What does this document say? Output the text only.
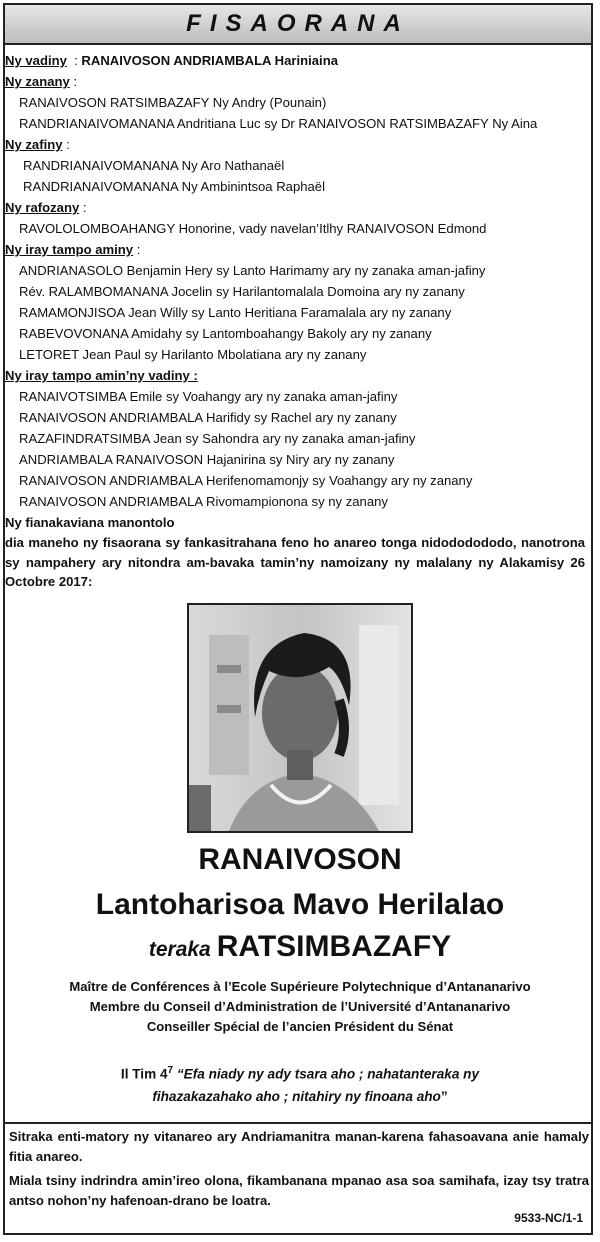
FISAORANA
Ny vadiny  : RANAIVOSON ANDRIAMBALA Hariniaina
Ny zanany :
RANAIVOSON RATSIMBAZAFY Ny Andry (Pounain)
RANDRIANAIVOMANANA Andritiana Luc sy Dr RANAIVOSON RATSIMBAZAFY Ny Aina
Ny zafiny :
RANDRIANAIVOMANANA Ny Aro Nathanaël
RANDRIANAIVOMANANA Ny Ambinintsoa Raphaël
Ny rafozany :
RAVOLOLOMBOAHANGY Honorine, vady navelan’Itlhy RANAIVOSON Edmond
Ny iray tampo aminy :
ANDRIANASOLO Benjamin Hery sy Lanto Harimamy ary ny zanaka aman-jafiny
Rév. RALAMBOMANANA Jocelin sy Harilantomalala Domoina ary ny zanany
RAMAMONJISOA Jean Willy sy Lanto Heritiana Faramalala ary ny zanany
RABEVOVONANA Amidahy sy Lantomboahangy Bakoly ary ny zanany
LETORET Jean Paul sy Harilanto Mbolatiana ary ny zanany
Ny iray tampo amin’ny vadiny :
RANAIVOTSIMBA Emile sy Voahangy ary ny zanaka aman-jafiny
RANAIVOSON ANDRIAMBALA Harifidy sy Rachel ary ny zanany
RAZAFINDRATSIMBA Jean sy Sahondra ary ny zanaka aman-jafiny
ANDRIAMBALA RANAIVOSON Hajanirina sy Niry ary ny zanany
RANAIVOSON ANDRIAMBALA Herifenomamonjy sy Voahangy ary ny zanany
RANAIVOSON ANDRIAMBALA Rivomampionona sy ny zanany
Ny fianakaviana manontolo
dia maneho ny fisaorana sy fankasitrahana feno ho anareo tonga nidododododo, nanotrona sy nampahery ary nitondra am-bavaka tamin’ny namoizany ny malalany ny Alakamisy 26 Octobre 2017:
RANAIVOSON
Lantoharisoa Mavo Herilalao
teraka RATSIMBAZAFY
Maître de Conférences à l’Ecole Supérieure Polytechnique d’Antananarivo
Membre du Conseil d’Administration de l’Université d’Antananarivo
Conseiller Spécial de l’ancien Président du Sénat
Il Tim $4^7$ “Efa niady ny ady tsara aho ; nahatanteraka ny
fihazakazahako aho ; nitahiry ny finoana aho”

Sitraka enti-matory ny vitanareo ary Andriamanitra manan-karena fahasoavana anie hamaly fitia anareo.

Miala tsiny indrindra amin’ireo olona, fikambanana mpanao asa soa samihafa, izay tsy tratra antso nohon’ny hafenoan-drano be loatra.

9533-NC/1-1
